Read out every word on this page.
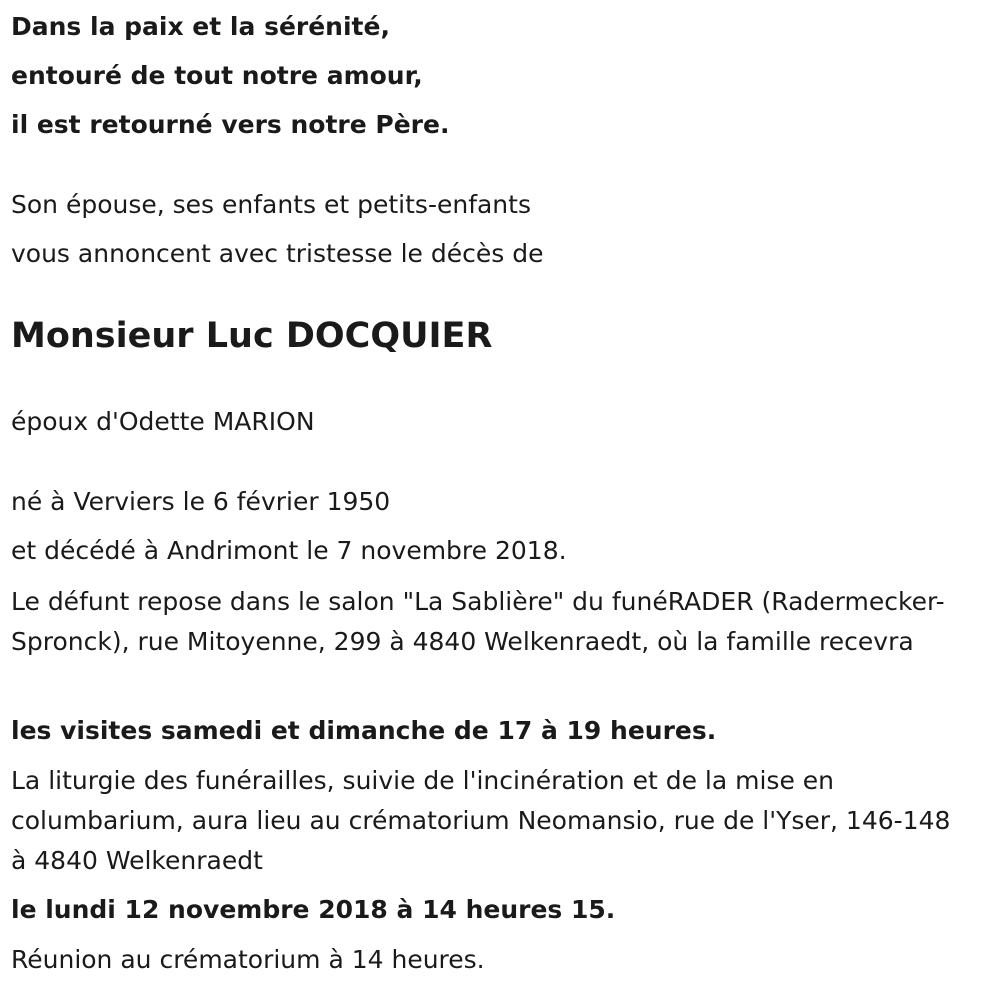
Dans la paix et la sérénité,
entouré de tout notre amour,
il est retourné vers notre Père.
Son épouse, ses enfants et petits-enfants
vous annoncent avec tristesse le décès de
Monsieur Luc DOCQUIER
époux d'Odette MARION
né à Verviers le 6 février 1950
et décédé à Andrimont le 7 novembre 2018.
Le défunt repose dans le salon "La Sablière" du funéRADER (Radermecker-Spronck), rue Mitoyenne, 299 à 4840 Welkenraedt, où la famille recevra
les visites samedi et dimanche de 17 à 19 heures.
La liturgie des funérailles, suivie de l'incinération et de la mise en columbarium, aura lieu au crématorium Neomansio, rue de l'Yser, 146-148 à 4840 Welkenraedt
le lundi 12 novembre 2018 à 14 heures 15.
Réunion au crématorium à 14 heures.
